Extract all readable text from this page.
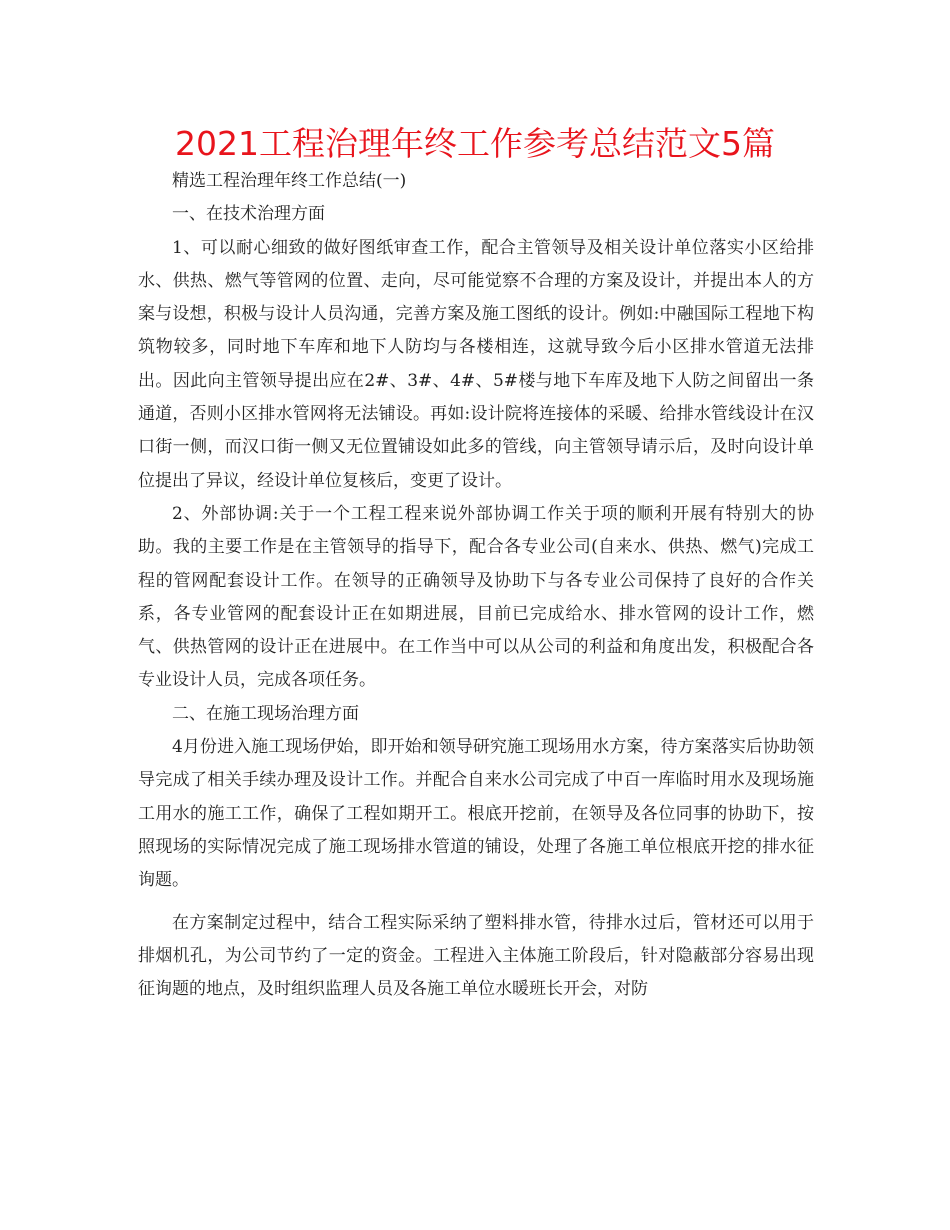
2021工程治理年终工作参考总结范文5篇

精选工程治理年终工作总结(一)

一、在技术治理方面

1、可以耐心细致的做好图纸审查工作，配合主管领导及相关设计单位落实小区给排水、供热、燃气等管网的位置、走向，尽可能觉察不合理的方案及设计，并提出本人的方案与设想，积极与设计人员沟通，完善方案及施工图纸的设计。例如:中融国际工程地下构筑物较多，同时地下车库和地下人防均与各楼相连，这就导致今后小区排水管道无法排出。因此向主管领导提出应在2#、3#、4#、5#楼与地下车库及地下人防之间留出一条通道，否则小区排水管网将无法铺设。再如:设计院将连接体的采暖、给排水管线设计在汉口街一侧，而汉口街一侧又无位置铺设如此多的管线，向主管领导请示后，及时向设计单位提出了异议，经设计单位复核后，变更了设计。

2、外部协调:关于一个工程工程来说外部协调工作关于项的顺利开展有特别大的协助。我的主要工作是在主管领导的指导下，配合各专业公司(自来水、供热、燃气)完成工程的管网配套设计工作。在领导的正确领导及协助下与各专业公司保持了良好的合作关系，各专业管网的配套设计正在如期进展，目前已完成给水、排水管网的设计工作，燃气、供热管网的设计正在进展中。在工作当中可以从公司的利益和角度出发，积极配合各专业设计人员，完成各项任务。

二、在施工现场治理方面

4月份进入施工现场伊始，即开始和领导研究施工现场用水方案，待方案落实后协助领导完成了相关手续办理及设计工作。并配合自来水公司完成了中百一库临时用水及现场施工用水的施工工作，确保了工程如期开工。根底开挖前，在领导及各位同事的协助下，按照现场的实际情况完成了施工现场排水管道的铺设，处理了各施工单位根底开挖的排水征询题。

在方案制定过程中，结合工程实际采纳了塑料排水管，待排水过后，管材还可以用于排烟机孔，为公司节约了一定的资金。工程进入主体施工阶段后，针对隐蔽部分容易出现征询题的地点，及时组织监理人员及各施工单位水暖班长开会，对防
